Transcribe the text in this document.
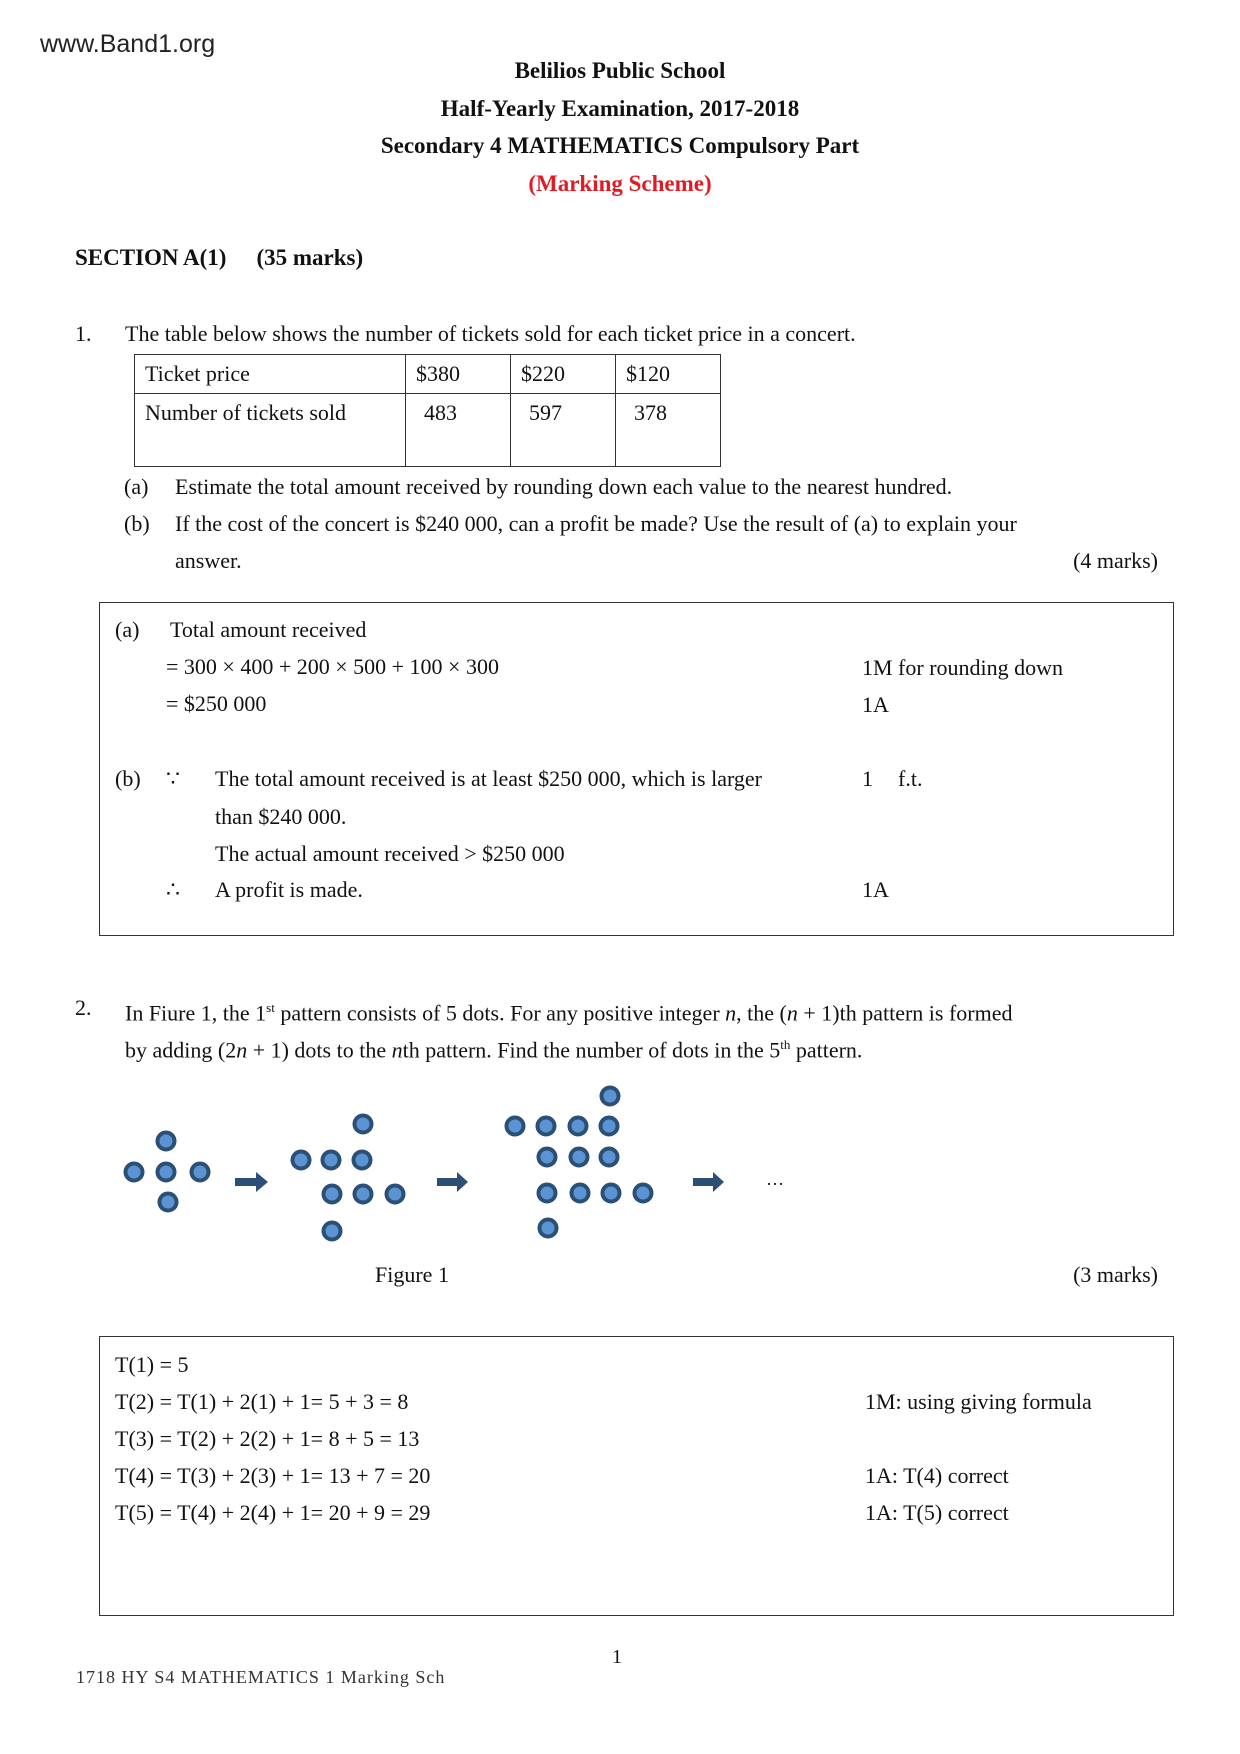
www.Band1.org
Belilios Public School
Half-Yearly Examination, 2017-2018
Secondary 4 MATHEMATICS Compulsory Part
(Marking Scheme)
SECTION A(1) (35 marks)
1. The table below shows the number of tickets sold for each ticket price in a concert.
Ticket price	$380	$220	$120
Number of tickets sold	483	597	378
(a) Estimate the total amount received by rounding down each value to the nearest hundred.
(b) If the cost of the concert is $240 000, can a profit be made? Use the result of (a) to explain your
answer.	(4 marks)
(a) Total amount received
= 300 × 400 + 200 × 500 + 100 × 300
= $250 000
1M for rounding down
1A
(b) ∵ The total amount received is at least $250 000, which is larger
than $240 000.
The actual amount received > $250 000
∴ A profit is made.
1 f.t.
1A
2. In Fiure 1, the 1st pattern consists of 5 dots. For any positive integer n, the (n + 1)th pattern is formed
by adding (2n + 1) dots to the nth pattern. Find the number of dots in the 5th pattern.
…
Figure 1	(3 marks)
T(1) = 5
T(2) = T(1) + 2(1) + 1= 5 + 3 = 8
T(3) = T(2) + 2(2) + 1= 8 + 5 = 13
T(4) = T(3) + 2(3) + 1= 13 + 7 = 20
T(5) = T(4) + 2(4) + 1= 20 + 9 = 29
1M: using giving formula
1A: T(4) correct
1A: T(5) correct
1
1718 HY S4 MATHEMATICS 1 Marking Sch
